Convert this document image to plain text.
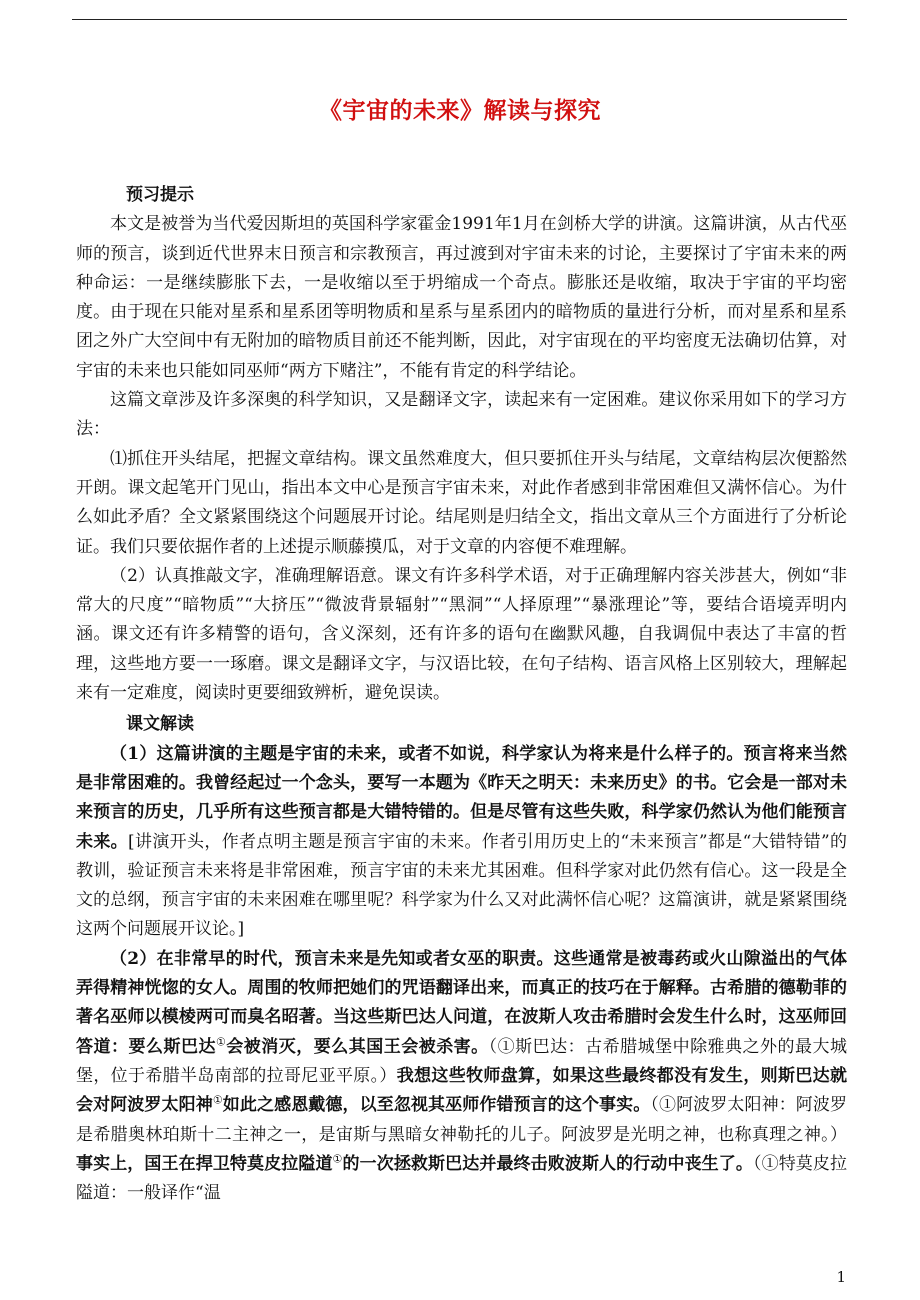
《宇宙的未来》解读与探究
预习提示

本文是被誉为当代爱因斯坦的英国科学家霍金1991年1月在剑桥大学的讲演。这篇讲演，从古代巫师的预言，谈到近代世界末日预言和宗教预言，再过渡到对宇宙未来的讨论，主要探讨了宇宙未来的两种命运：一是继续膨胀下去，一是收缩以至于坍缩成一个奇点。膨胀还是收缩，取决于宇宙的平均密度。由于现在只能对星系和星系团等明物质和星系与星系团内的暗物质的量进行分析，而对星系和星系团之外广大空间中有无附加的暗物质目前还不能判断，因此，对宇宙现在的平均密度无法确切估算，对宇宙的未来也只能如同巫师“两方下赌注”，不能有肯定的科学结论。

这篇文章涉及许多深奥的科学知识，又是翻译文字，读起来有一定困难。建议你采用如下的学习方法：

⑴抓住开头结尾，把握文章结构。课文虽然难度大，但只要抓住开头与结尾，文章结构层次便豁然开朗。课文起笔开门见山，指出本文中心是预言宇宙未来，对此作者感到非常困难但又满怀信心。为什么如此矛盾？全文紧紧围绕这个问题展开讨论。结尾则是归结全文，指出文章从三个方面进行了分析论证。我们只要依据作者的上述提示顺藤摸瓜，对于文章的内容便不难理解。

（2）认真推敲文字，准确理解语意。课文有许多科学术语，对于正确理解内容关涉甚大，例如“非常大的尺度”“暗物质”“大挤压”“微波背景辐射”“黑洞”“人择原理”“暴涨理论”等，要结合语境弄明内涵。课文还有许多精警的语句，含义深刻，还有许多的语句在幽默风趣，自我调侃中表达了丰富的哲理，这些地方要一一琢磨。课文是翻译文字，与汉语比较，在句子结构、语言风格上区别较大，理解起来有一定难度，阅读时更要细致辨析，避免误读。

课文解读

（1）这篇讲演的主题是宇宙的未来，或者不如说，科学家认为将来是什么样子的。预言将来当然是非常困难的。我曾经起过一个念头，要写一本题为《昨天之明天：未来历史》的书。它会是一部对未来预言的历史，几乎所有这些预言都是大错特错的。但是尽管有这些失败，科学家仍然认为他们能预言未来。[讲演开头，作者点明主题是预言宇宙的未来。作者引用历史上的“未来预言”都是“大错特错”的教训，验证预言未来将是非常困难，预言宇宙的未来尤其困难。但科学家对此仍然有信心。这一段是全文的总纲，预言宇宙的未来困难在哪里呢？科学家为什么又对此满怀信心呢？这篇演讲，就是紧紧围绕这两个问题展开议论。]

（2）在非常早的时代，预言未来是先知或者女巫的职责。这些通常是被毒药或火山隙溢出的气体弄得精神恍惚的女人。周围的牧师把她们的咒语翻译出来，而真正的技巧在于解释。古希腊的德勒菲的著名巫师以模棱两可而臭名昭著。当这些斯巴达人问道，在波斯人攻击希腊时会发生什么时，这巫师回答道：要么斯巴达①会被消灭，要么其国王会被杀害。（①斯巴达：古希腊城堡中除雅典之外的最大城堡，位于希腊半岛南部的拉哥尼亚平原。）我想这些牧师盘算，如果这些最终都没有发生，则斯巴达就会对阿波罗太阳神①如此之感恩戴德，以至忽视其巫师作错预言的这个事实。（①阿波罗太阳神：阿波罗是希腊奥林珀斯十二主神之一，是宙斯与黑暗女神勒托的儿子。阿波罗是光明之神，也称真理之神。）事实上，国王在捍卫特莫皮拉隘道①的一次拯救斯巴达并最终击败波斯人的行动中丧生了。（①特莫皮拉隘道：一般译作“温

1
